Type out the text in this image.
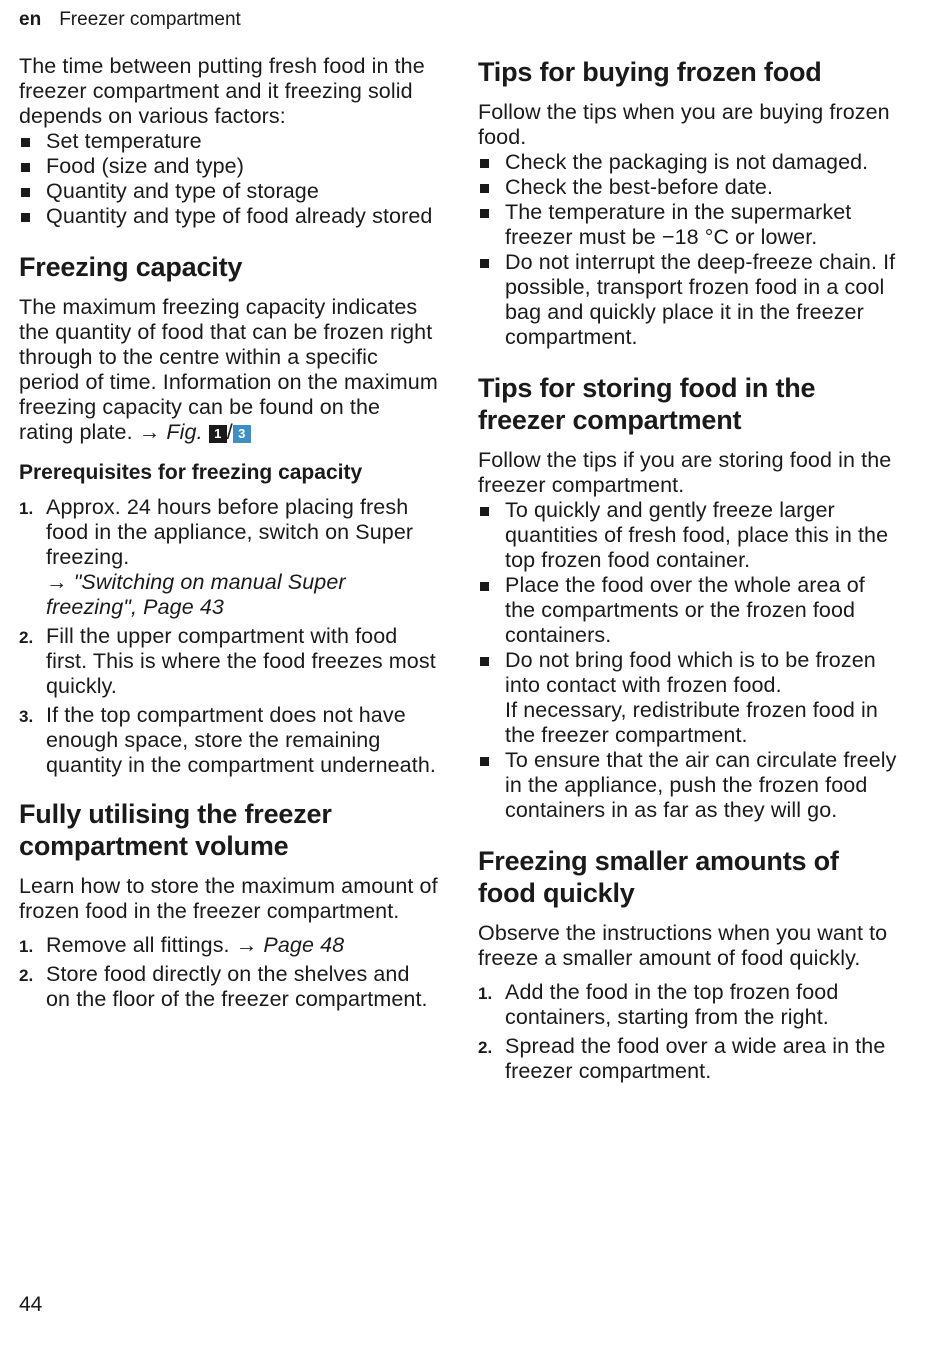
en Freezer compartment

The time between putting fresh food in the freezer compartment and it freezing solid depends on various factors:

Set temperature
Food (size and type)
Quantity and type of storage
Quantity and type of food already stored
Freezing capacity

The maximum freezing capacity indicates the quantity of food that can be frozen right through to the centre within a specific period of time. Information on the maximum freezing capacity can be found on the rating plate. → Fig. 1 / 3

Prerequisites for freezing capacity
1. Approx. 24 hours before placing fresh food in the appliance, switch on Super freezing.
→ "Switching on manual Super freezing", Page 43
2. Fill the upper compartment with food first. This is where the food freezes most quickly.
3. If the top compartment does not have enough space, store the remaining quantity in the compartment underneath.
Fully utilising the freezer compartment volume

Learn how to store the maximum amount of frozen food in the freezer compartment.

1. Remove all fittings. → Page 48
2. Store food directly on the shelves and on the floor of the freezer compartment.
Tips for buying frozen food

Follow the tips when you are buying frozen food.

Check the packaging is not damaged.
Check the best-before date.
The temperature in the supermarket freezer must be −18 °C or lower.
Do not interrupt the deep-freeze chain. If possible, transport frozen food in a cool bag and quickly place it in the freezer compartment.
Tips for storing food in the freezer compartment

Follow the tips if you are storing food in the freezer compartment.

To quickly and gently freeze larger quantities of fresh food, place this in the top frozen food container.
Place the food over the whole area of the compartments or the frozen food containers.
Do not bring food which is to be frozen into contact with frozen food.
If necessary, redistribute frozen food in the freezer compartment.
To ensure that the air can circulate freely in the appliance, push the frozen food containers in as far as they will go.
Freezing smaller amounts of food quickly

Observe the instructions when you want to freeze a smaller amount of food quickly.

1. Add the food in the top frozen food containers, starting from the right.
2. Spread the food over a wide area in the freezer compartment.
44
